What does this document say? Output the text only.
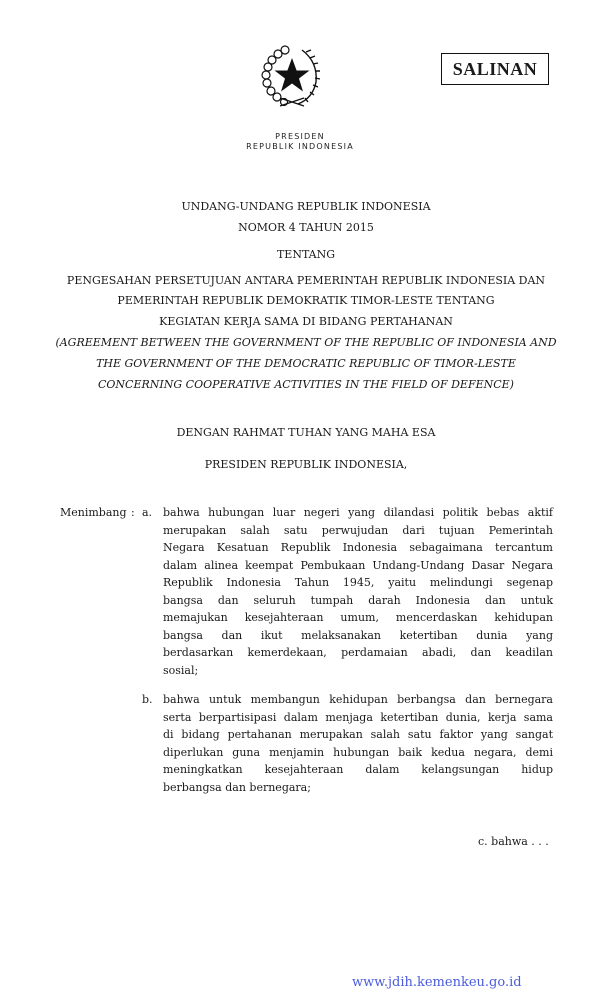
PRESIDEN
REPUBLIK INDONESIA
SALINAN
UNDANG-UNDANG REPUBLIK INDONESIA
NOMOR 4 TAHUN 2015
TENTANG
PENGESAHAN PERSETUJUAN ANTARA PEMERINTAH REPUBLIK INDONESIA DAN
PEMERINTAH REPUBLIK DEMOKRATIK TIMOR-LESTE TENTANG
KEGIATAN KERJA SAMA DI BIDANG PERTAHANAN
(AGREEMENT BETWEEN THE GOVERNMENT OF THE REPUBLIC OF INDONESIA AND
THE GOVERNMENT OF THE DEMOCRATIC REPUBLIC OF TIMOR-LESTE
CONCERNING COOPERATIVE ACTIVITIES IN THE FIELD OF DEFENCE)
DENGAN RAHMAT TUHAN YANG MAHA ESA
PRESIDEN REPUBLIK INDONESIA,
Menimbang : a. bahwa hubungan luar negeri yang dilandasi politik bebas aktif
merupakan salah satu perwujudan dari tujuan Pemerintah
Negara Kesatuan Republik Indonesia sebagaimana tercantum
dalam alinea keempat Pembukaan Undang-Undang Dasar Negara
Republik Indonesia Tahun 1945, yaitu melindungi segenap
bangsa dan seluruh tumpah darah Indonesia dan untuk
memajukan kesejahteraan umum, mencerdaskan kehidupan
bangsa dan ikut melaksanakan ketertiban dunia yang
berdasarkan kemerdekaan, perdamaian abadi, dan keadilan
sosial;
b. bahwa untuk membangun kehidupan berbangsa dan bernegara
serta berpartisipasi dalam menjaga ketertiban dunia, kerja sama
di bidang pertahanan merupakan salah satu faktor yang sangat
diperlukan guna menjamin hubungan baik kedua negara, demi
meningkatkan kesejahteraan dalam kelangsungan hidup
berbangsa dan bernegara;
c. bahwa . . .
www.jdih.kemenkeu.go.id
